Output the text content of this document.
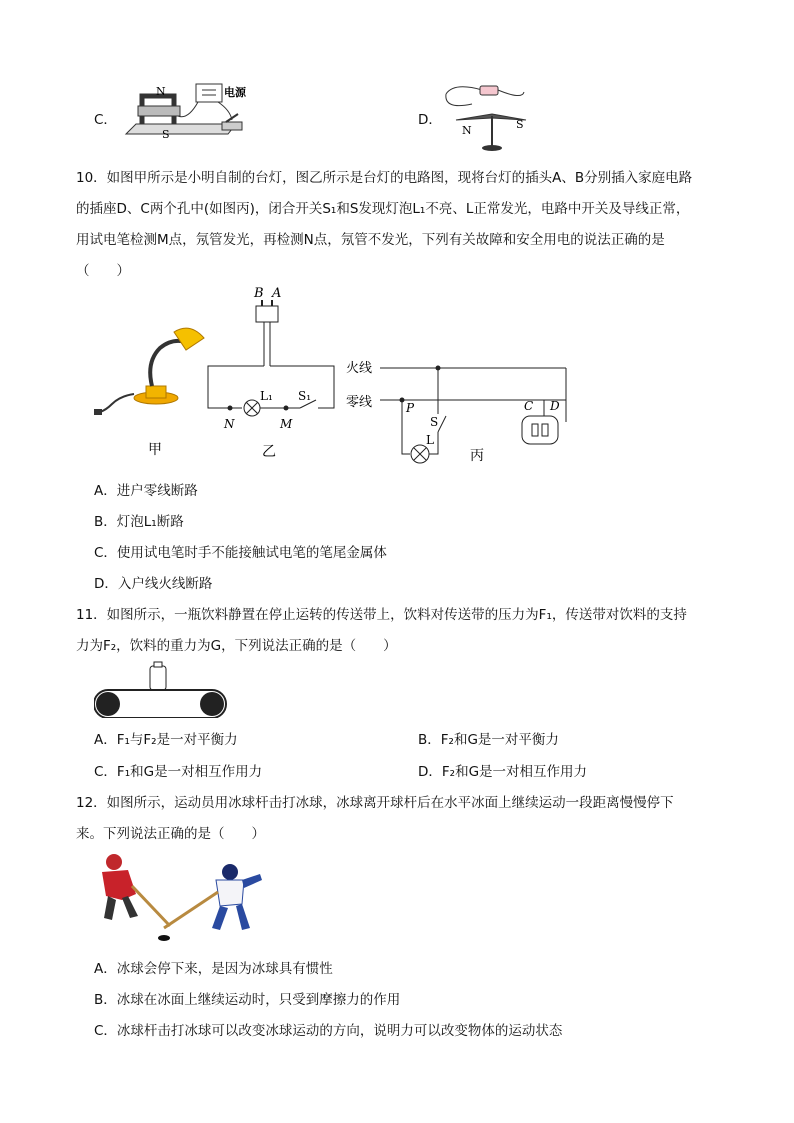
C．
N
S
电源
D．
N	S
10．如图甲所示是小明自制的台灯，图乙所示是台灯的电路图，现将台灯的插头A、B分别插入家庭电路
的插座D、C两个孔中(如图丙)，闭合开关S₁和S发现灯泡L₁不亮、L正常发光，电路中开关及导线正常，
用试电笔检测M点，氖管发光，再检测N点，氖管不发光，下列有关故障和安全用电的说法正确的是
（　　）
甲
B A
L₁ S₁
N	M
乙
火线
零线	P
S
L
C D
丙
A．进户零线断路
B．灯泡L₁断路
C．使用试电笔时手不能接触试电笔的笔尾金属体
D．入户线火线断路
11．如图所示，一瓶饮料静置在停止运转的传送带上，饮料对传送带的压力为F₁，传送带对饮料的支持
力为F₂，饮料的重力为G，下列说法正确的是（　　）
A．F₁与F₂是一对平衡力	B．F₂和G是一对平衡力
C．F₁和G是一对相互作用力	D．F₂和G是一对相互作用力
12．如图所示，运动员用冰球杆击打冰球，冰球离开球杆后在水平冰面上继续运动一段距离慢慢停下
来。下列说法正确的是（　　）
A．冰球会停下来，是因为冰球具有惯性
B．冰球在冰面上继续运动时，只受到摩擦力的作用
C．冰球杆击打冰球可以改变冰球运动的方向，说明力可以改变物体的运动状态
